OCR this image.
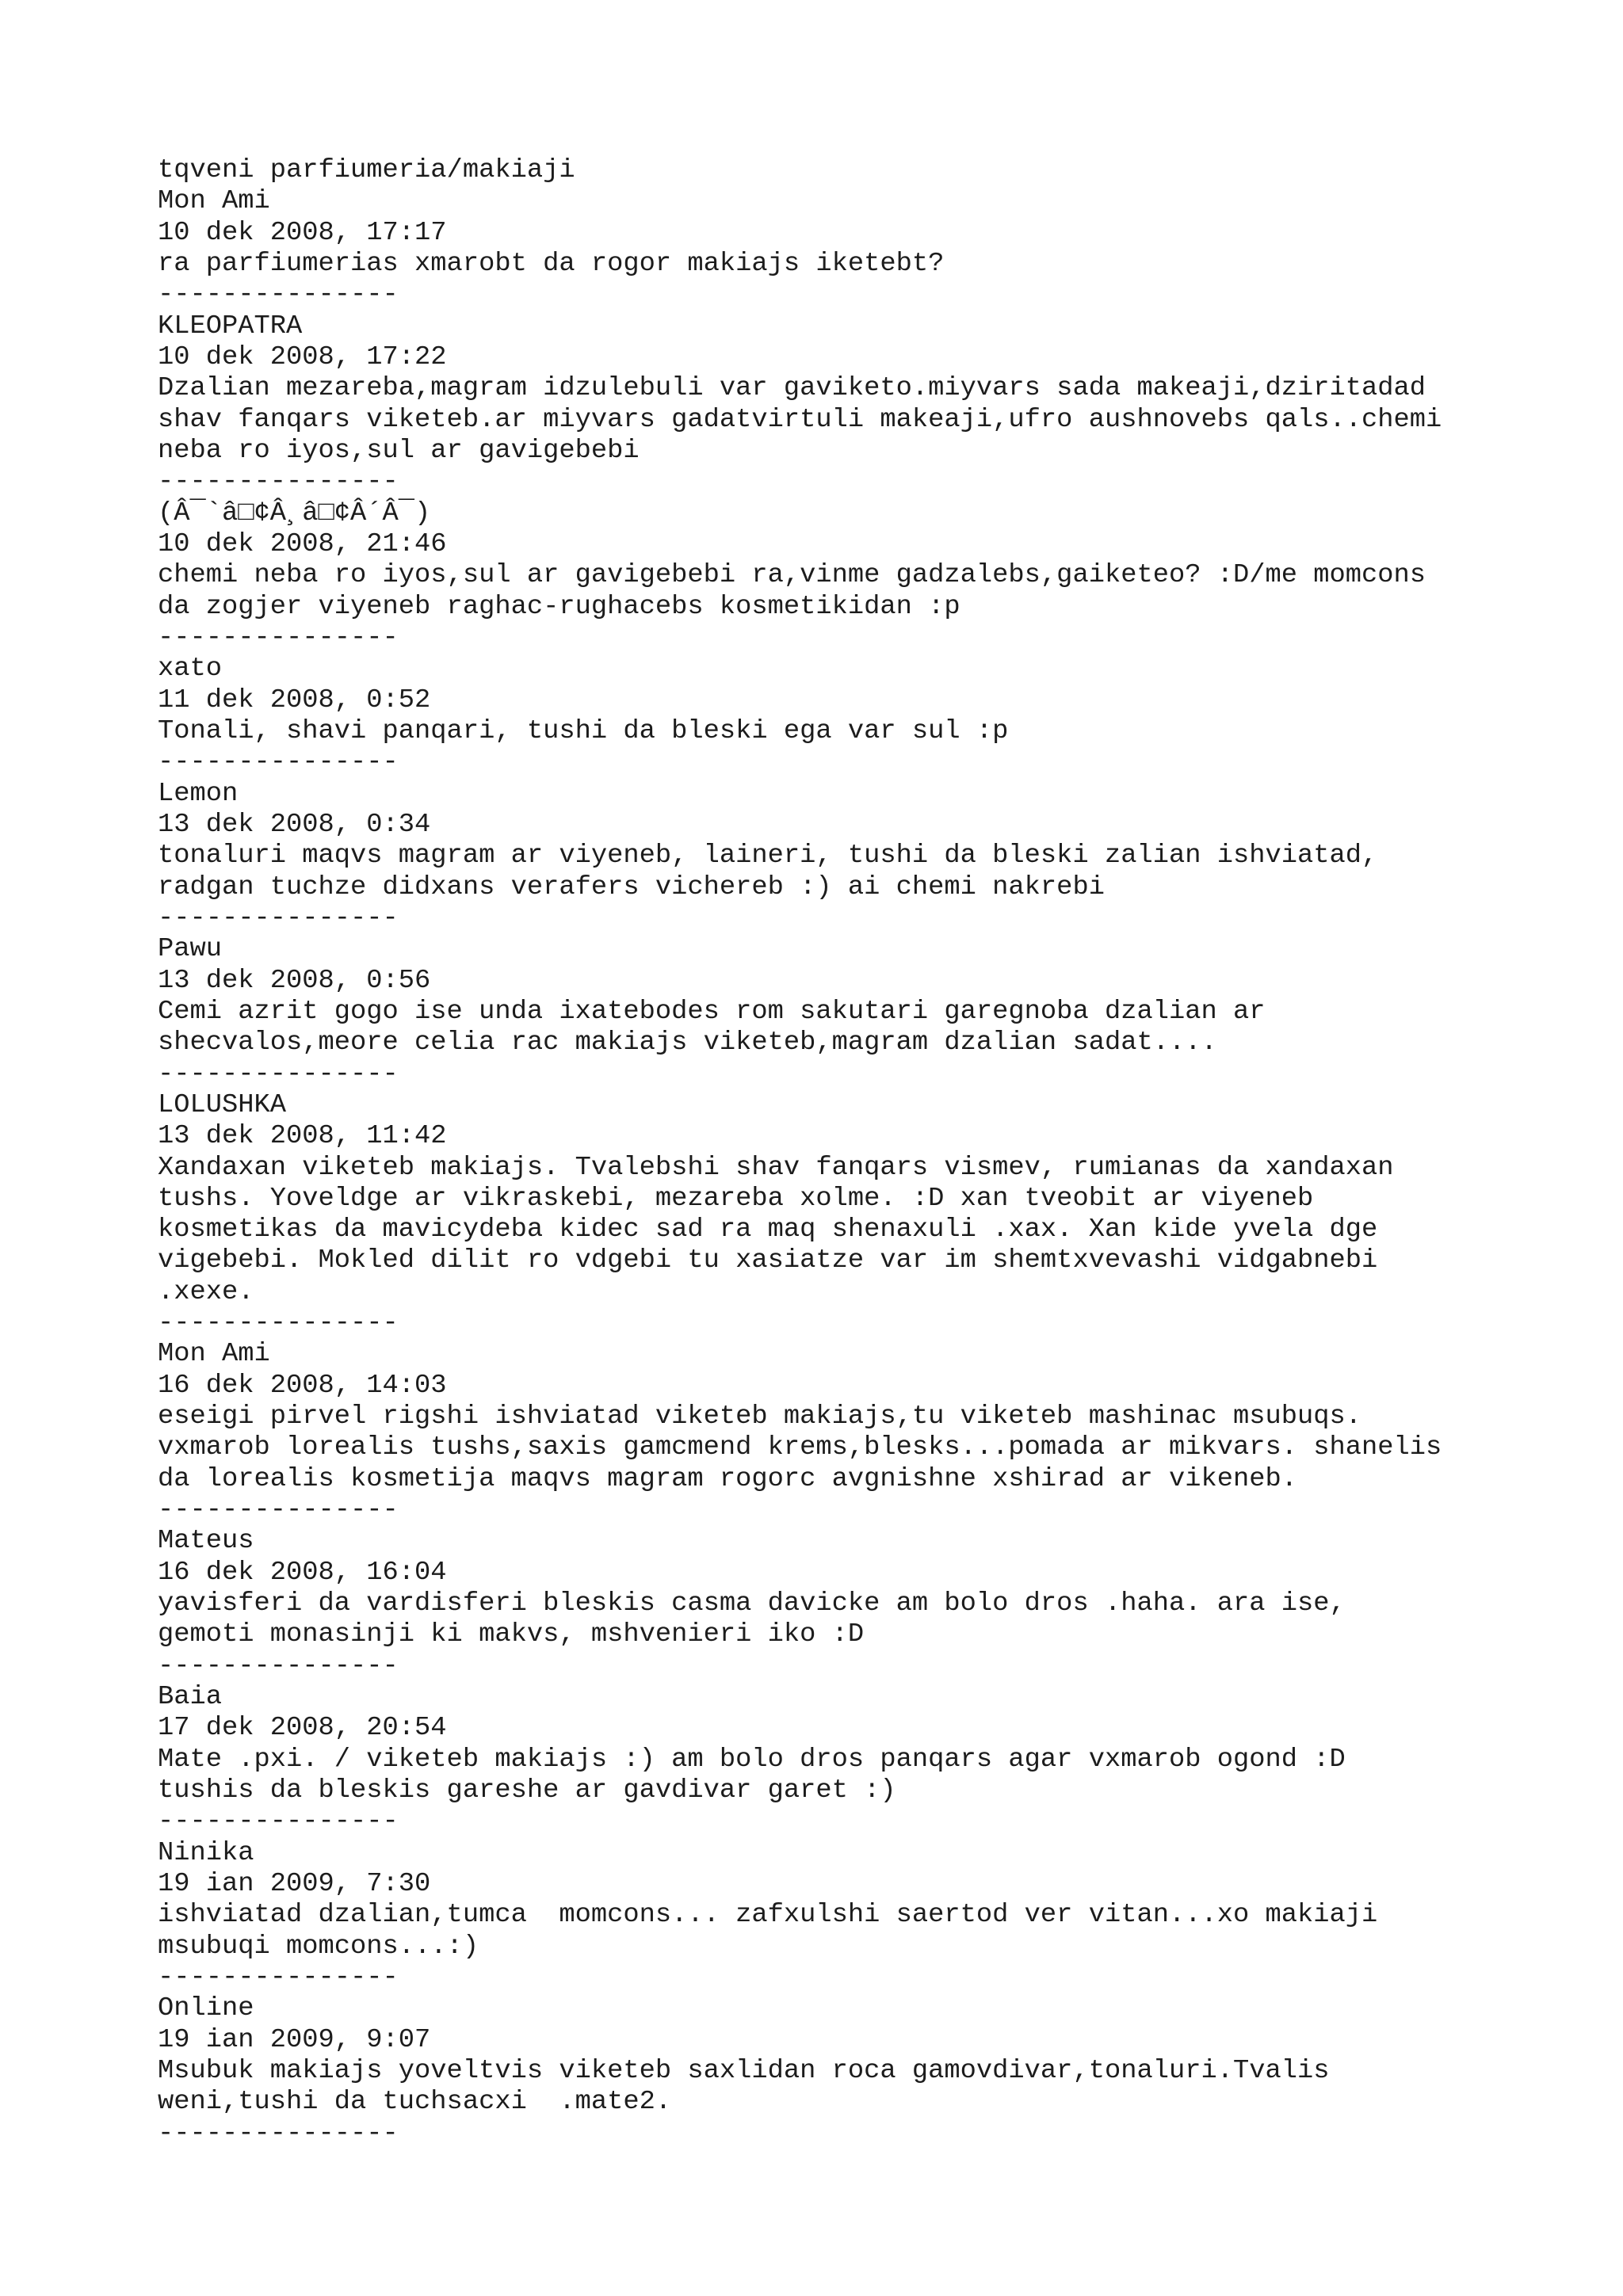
tqveni parfiumeria/makiaji
Mon Ami
10 dek 2008, 17:17
ra parfiumerias xmarobt da rogor makiajs iketebt?
---------------
KLEOPATRA
10 dek 2008, 17:22
Dzalian mezareba,magram idzulebuli var gaviketo.miyvars sada makeaji,dziritadad
shav fanqars viketeb.ar miyvars gadatvirtuli makeaji,ufro aushnovebs qals..chemi
neba ro iyos,sul ar gavigebebi
---------------
(Â¯`â□¢Â¸â□¢Â´Â¯)
10 dek 2008, 21:46
chemi neba ro iyos,sul ar gavigebebi ra,vinme gadzalebs,gaiketeo? :D/me momcons
da zogjer viyeneb raghac-rughacebs kosmetikidan :p
---------------
xato
11 dek 2008, 0:52
Tonali, shavi panqari, tushi da bleski ega var sul :p
---------------
Lemon
13 dek 2008, 0:34
tonaluri maqvs magram ar viyeneb, laineri, tushi da bleski zalian ishviatad,
radgan tuchze didxans verafers vichereb :) ai chemi nakrebi
---------------
Pawu
13 dek 2008, 0:56
Cemi azrit gogo ise unda ixatebodes rom sakutari garegnoba dzalian ar
shecvalos,meore celia rac makiajs viketeb,magram dzalian sadat....
---------------
LOLUSHKA
13 dek 2008, 11:42
Xandaxan viketeb makiajs. Tvalebshi shav fanqars vismev, rumianas da xandaxan
tushs. Yoveldge ar vikraskebi, mezareba xolme. :D xan tveobit ar viyeneb
kosmetikas da mavicydeba kidec sad ra maq shenaxuli .xax. Xan kide yvela dge
vigebebi. Mokled dilit ro vdgebi tu xasiatze var im shemtxvevashi vidgabnebi
.xexe.
---------------
Mon Ami
16 dek 2008, 14:03
eseigi pirvel rigshi ishviatad viketeb makiajs,tu viketeb mashinac msubuqs.
vxmarob lorealis tushs,saxis gamcmend krems,blesks...pomada ar mikvars. shanelis
da lorealis kosmetija maqvs magram rogorc avgnishne xshirad ar vikeneb.
---------------
Mateus
16 dek 2008, 16:04
yavisferi da vardisferi bleskis casma davicke am bolo dros .haha. ara ise,
gemoti monasinji ki makvs, mshvenieri iko :D
---------------
Baia
17 dek 2008, 20:54
Mate .pxi. / viketeb makiajs :) am bolo dros panqars agar vxmarob ogond :D
tushis da bleskis gareshe ar gavdivar garet :)
---------------
Ninika
19 ian 2009, 7:30
ishviatad dzalian,tumca  momcons... zafxulshi saertod ver vitan...xo makiaji
msubuqi momcons...:)
---------------
Online
19 ian 2009, 9:07
Msubuk makiajs yoveltvis viketeb saxlidan roca gamovdivar,tonaluri.Tvalis
weni,tushi da tuchsacxi  .mate2.
---------------
